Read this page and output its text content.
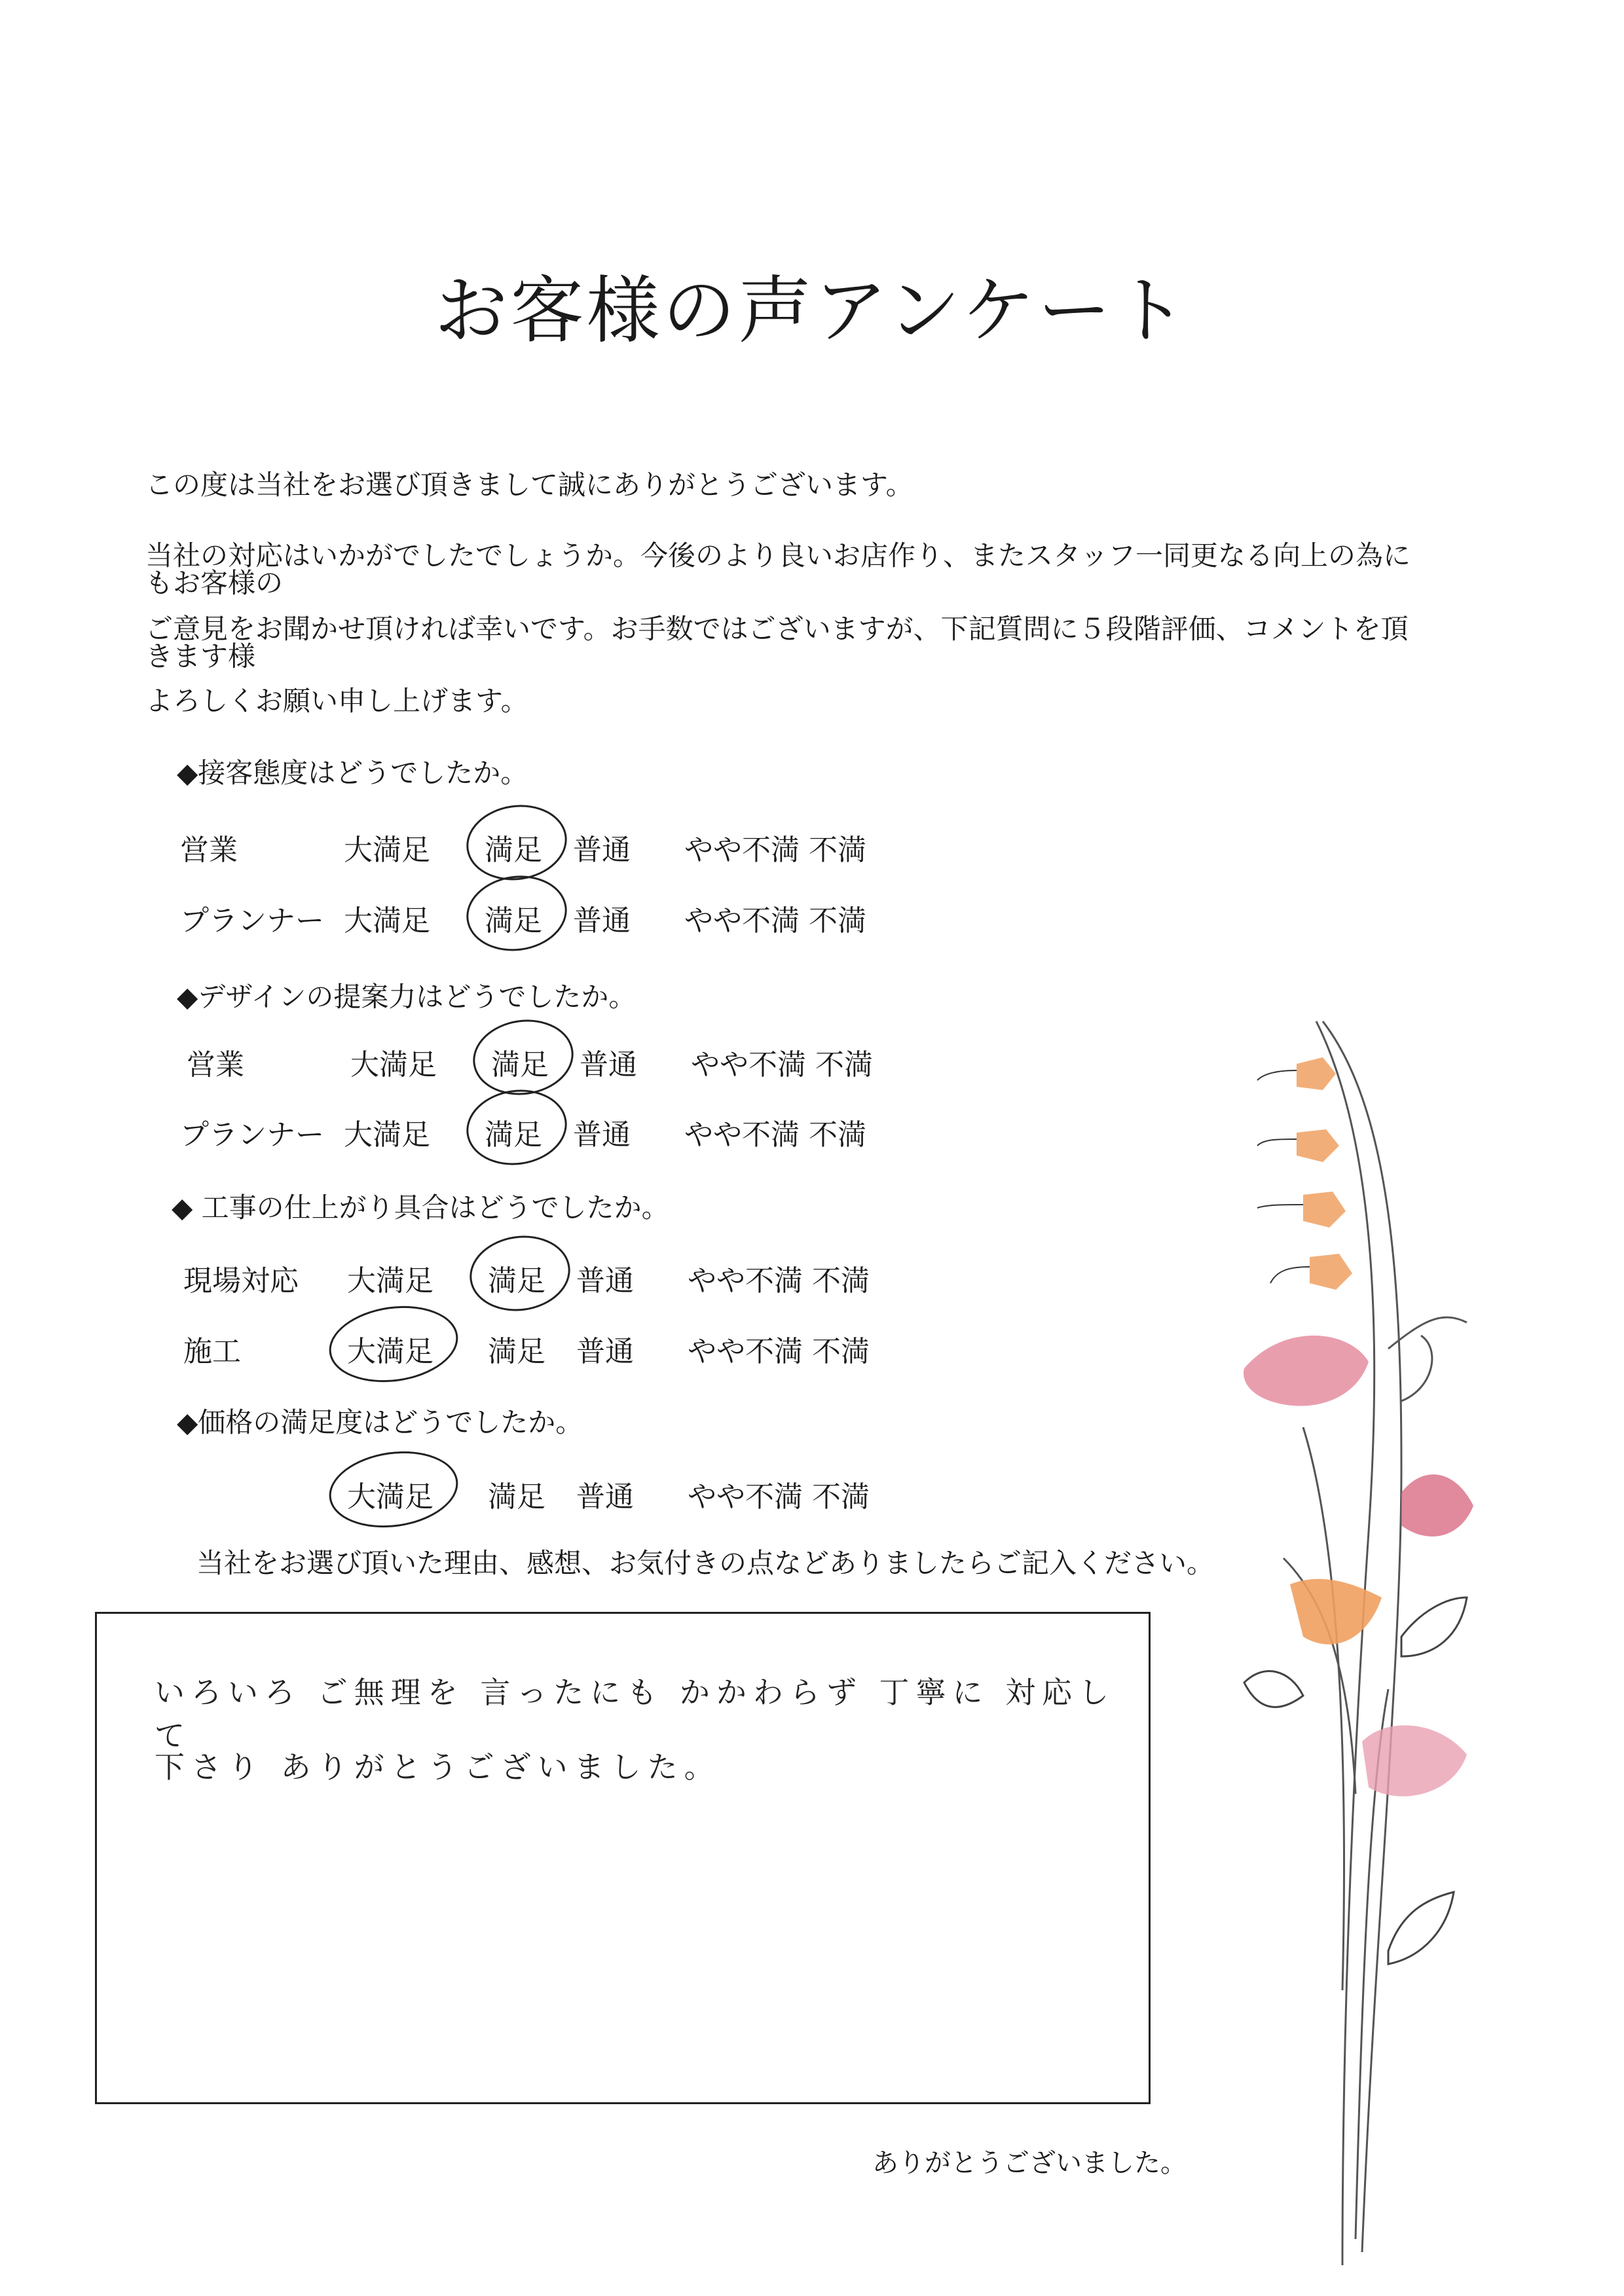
お客様の声アンケート
この度は当社をお選び頂きまして誠にありがとうございます。
当社の対応はいかがでしたでしょうか。今後のより良いお店作り、またスタッフ一同更なる向上の為にもお客様の
ご意見をお聞かせ頂ければ幸いです。お手数ではございますが、下記質問に５段階評価、コメントを頂きます様
よろしくお願い申し上げます。
◆接客態度はどうでしたか。
営業	大満足 満足 普通 やや不満 不満
プランナー 大満足 満足 普通 やや不満 不満
◆デザインの提案力はどうでしたか。
営業	大満足 満足 普通 やや不満 不満
プランナー 大満足 満足 普通 やや不満 不満
◆ 工事の仕上がり具合はどうでしたか。
現場対応 大満足 満足 普通 やや不満 不満
施工	大満足 満足 普通 やや不満 不満
◆価格の満足度はどうでしたか。
大満足 満足 普通 やや不満 不満
当社をお選び頂いた理由、感想、お気付きの点などありましたらご記入ください。
いろいろ ご無理を 言ったにも かかわらず 丁寧に 対応して
下さり ありがとうございました。
ありがとうございました。
